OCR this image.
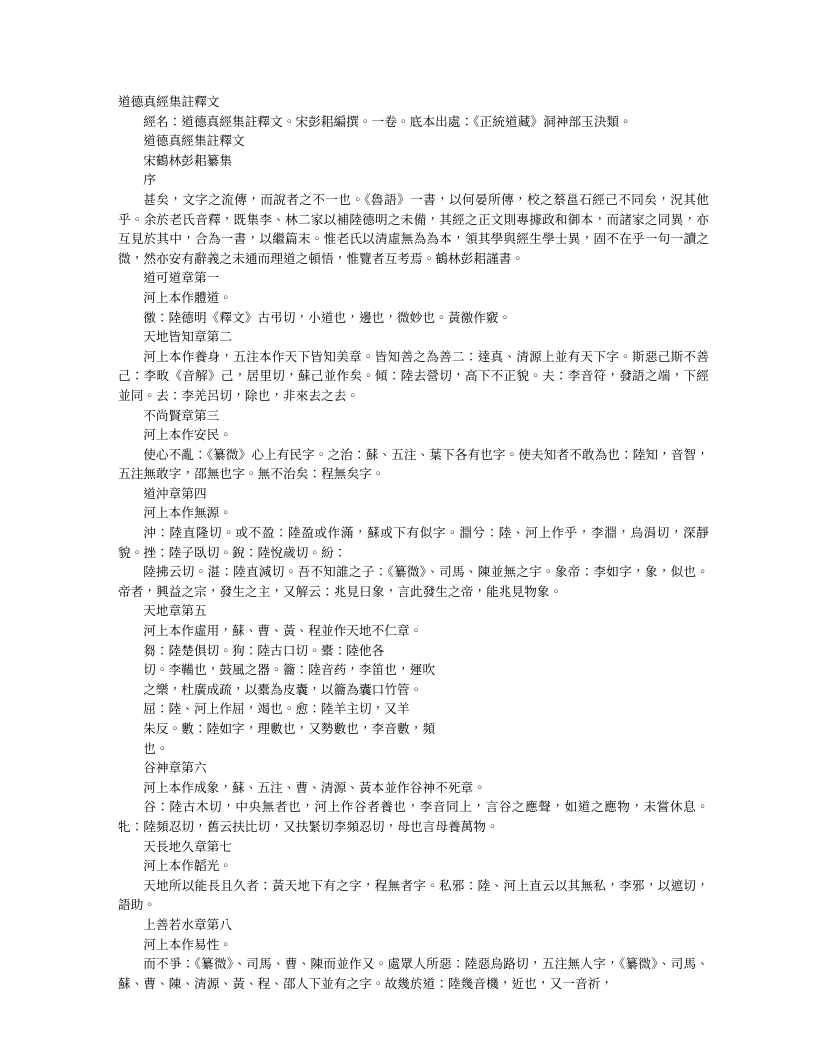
道德真經集註釋文

經名：道德真經集註釋文。宋彭耜編撰。一卷。底本出處：《正統道藏》洞神部玉決類。

道德真經集註釋文

宋鶴林彭耜纂集

序

甚矣，文字之流傳，而說者之不一也。《魯語》一書，以何晏所傳，校之蔡邕石經己不同矣，況其他乎。余於老氏音釋，既集李、林二家以補陸德明之未備，其經之正文則專據政和御本，而諸家之同異，亦互見於其中，合為一書，以繼篇末。惟老氏以清虛無為為本，領其學與經生學士異，固不在乎一句一讀之微，然亦安有辭義之未通而理道之頓悟，惟覽者互考焉。鶴林彭耜謹書。

道可道章第一

河上本作體道。

徼：陸德明《釋文》古弔切，小道也，邊也，微妙也。黃徼作竅。

天地皆知章第二

河上本作養身，五注本作天下皆知美章。皆知善之為善二：達真、清源上並有天下字。斯惡己斯不善己：李畋《音解》己，居里切，蘇己並作矣。傾：陸去營切，高下不正貌。夫：李音符，發語之端，下經並同。去：李羌呂切，除也，非來去之去。

不尚賢章第三

河上本作安民。

使心不亂：《纂微》心上有民字。之治：蘇、五注、葉下各有也字。使夫知者不敢為也：陸知，音智，五注無敢字，邵無也字。無不治矣：程無矣字。

道沖章第四

河上本作無源。

沖：陸直隆切。或不盈：陸盈或作滿，蘇或下有似字。淵兮：陸、河上作乎，李淵，烏涓切，深靜貌。挫：陸子臥切。銳：陸悅歲切。紛：

陸拂云切。湛：陸直減切。吾不知誰之子：《纂微》、司馬、陳並無之宇。象帝：李如字，象，似也。帝者，興益之宗，發生之主，又解云：兆見曰象，言此發生之帝，能兆見物象。

天地章第五

河上本作虛用，蘇、曹、黃、程並作天地不仁章。

芻：陸楚俱切。狗：陸古口切。橐：陸他各

切。李鞴也，鼓風之器。籥：陸音药，李笛也，運吹

之樂，杜廣成疏，以橐為皮囊，以籥為囊口竹管。

屈：陸、河上作屈，竭也。愈：陸羊主切，又羊

朱反。數：陸如字，理數也，又勢數也，李音數，頻

也。

谷神章第六

河上本作成象，蘇、五注、曹、清源、黃本並作谷神不死章。

谷：陸古木切，中央無者也，河上作谷者養也，李音同上，言谷之應聲，如道之應物，未嘗休息。牝：陸頻忍切，舊云扶比切，又扶緊切李頻忍切，母也言母養萬物。

天長地久章第七

河上本作韜光。

天地所以能長且久者：黃天地下有之字，程無者字。私邪：陸、河上直云以其無私，李邪，以遮切，語助。

上善若水章第八

河上本作易性。

而不爭：《纂微》、司馬、曹、陳而並作又。處眾人所惡：陸惡烏路切，五注無人字，《纂微》、司馬、蘇、曹、陳、清源、黃、程、邵人下並有之字。故幾於道：陸幾音機，近也，又一音祈，
